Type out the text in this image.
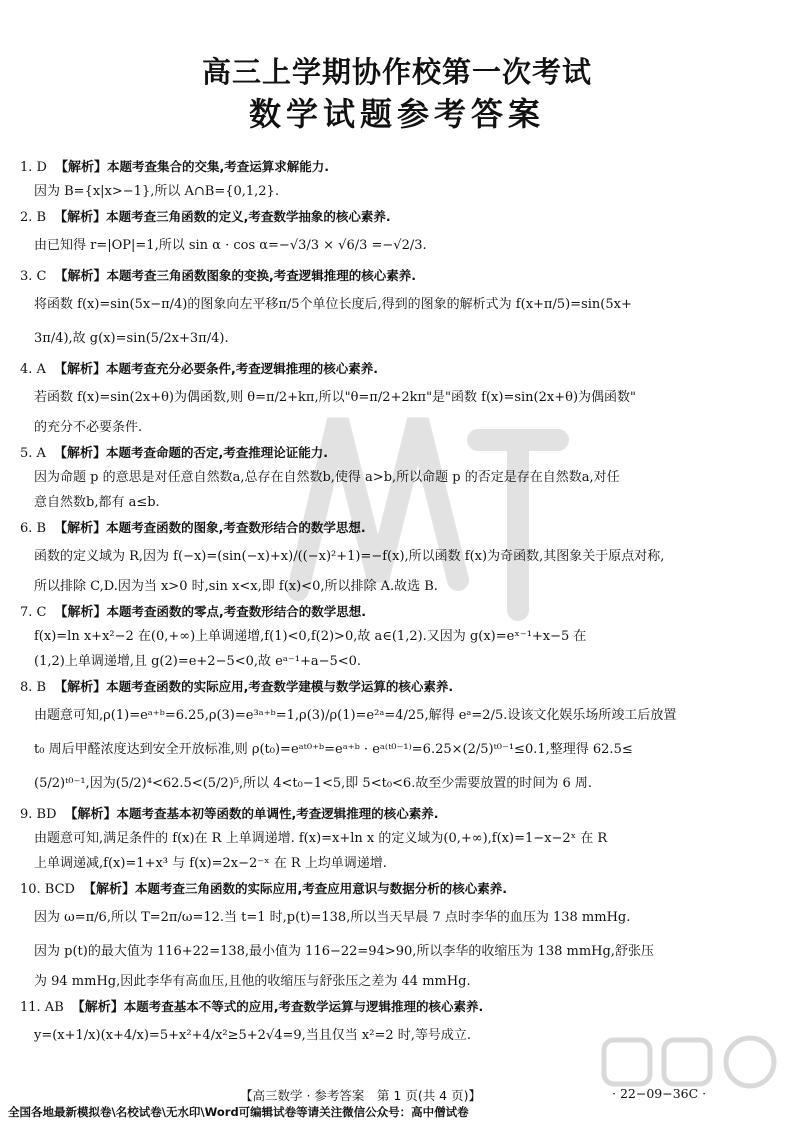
高三上学期协作校第一次考试
数学试题参考答案
1. D 【解析】本题考查集合的交集,考查运算求解能力.
因为 B={x|x>−1},所以 A∩B={0,1,2}.
2. B 【解析】本题考查三角函数的定义,考查数学抽象的核心素养.
由已知得 r=|OP|=1,所以 sin α · cos α=−√3/3 × √6/3 =−√2/3.
3. C 【解析】本题考查三角函数图象的变换,考查逻辑推理的核心素养.
将函数 f(x)=sin(5x−π/4)的图象向左平移π/5个单位长度后,得到的图象的解析式为 f(x+π/5)=sin(5x+
3π/4),故 g(x)=sin(5/2x+3π/4).
4. A 【解析】本题考查充分必要条件,考查逻辑推理的核心素养.
若函数 f(x)=sin(2x+θ)为偶函数,则 θ=π/2+kπ,所以"θ=π/2+2kπ"是"函数 f(x)=sin(2x+θ)为偶函数"
的充分不必要条件.
5. A 【解析】本题考查命题的否定,考查推理论证能力.
因为命题 p 的意思是对任意自然数a,总存在自然数b,使得 a>b,所以命题 p 的否定是存在自然数a,对任
意自然数b,都有 a≤b.
6. B 【解析】本题考查函数的图象,考查数形结合的数学思想.
函数的定义域为 R,因为 f(−x)=(sin(−x)+x)/((−x)²+1)=−f(x),所以函数 f(x)为奇函数,其图象关于原点对称,
所以排除 C,D.因为当 x>0 时,sin x<x,即 f(x)<0,所以排除 A.故选 B.
7. C 【解析】本题考查函数的零点,考查数形结合的数学思想.
f(x)=ln x+x²−2 在(0,+∞)上单调递增,f(1)<0,f(2)>0,故 a∈(1,2).又因为 g(x)=eˣ⁻¹+x−5 在
(1,2)上单调递增,且 g(2)=e+2−5<0,故 eᵃ⁻¹+a−5<0.
8. B 【解析】本题考查函数的实际应用,考查数学建模与数学运算的核心素养.
由题意可知,ρ(1)=eᵃ⁺ᵇ=6.25,ρ(3)=e³ᵃ⁺ᵇ=1,ρ(3)/ρ(1)=e²ᵃ=4/25,解得 eᵃ=2/5.设该文化娱乐场所竣工后放置
t₀ 周后甲醛浓度达到安全开放标准,则 ρ(t₀)=eᵃᵗ⁰⁺ᵇ=eᵃ⁺ᵇ · eᵃ⁽ᵗ⁰⁻¹⁾=6.25×(2/5)ᵗ⁰⁻¹≤0.1,整理得 62.5≤
(5/2)ᵗ⁰⁻¹,因为(5/2)⁴<62.5<(5/2)⁵,所以 4<t₀−1<5,即 5<t₀<6.故至少需要放置的时间为 6 周.
9. BD 【解析】本题考查基本初等函数的单调性,考查逻辑推理的核心素养.
由题意可知,满足条件的 f(x)在 R 上单调递增. f(x)=x+ln x 的定义域为(0,+∞),f(x)=1−x−2ˣ 在 R
上单调递减,f(x)=1+x³ 与 f(x)=2x−2⁻ˣ 在 R 上均单调递增.
10. BCD 【解析】本题考查三角函数的实际应用,考查应用意识与数据分析的核心素养.
因为 ω=π/6,所以 T=2π/ω=12.当 t=1 时,p(t)=138,所以当天早晨 7 点时李华的血压为 138 mmHg.
因为 p(t)的最大值为 116+22=138,最小值为 116−22=94>90,所以李华的收缩压为 138 mmHg,舒张压
为 94 mmHg,因此李华有高血压,且他的收缩压与舒张压之差为 44 mmHg.
11. AB 【解析】本题考查基本不等式的应用,考查数学运算与逻辑推理的核心素养.
y=(x+1/x)(x+4/x)=5+x²+4/x²≥5+2√4=9,当且仅当 x²=2 时,等号成立.
【高三数学 · 参考答案　第 1 页(共 4 页)】	· 22−09−36C ·
全国各地最新模拟卷\名校试卷\无水印\Word可编辑试卷等请关注微信公众号：高中僧试卷
